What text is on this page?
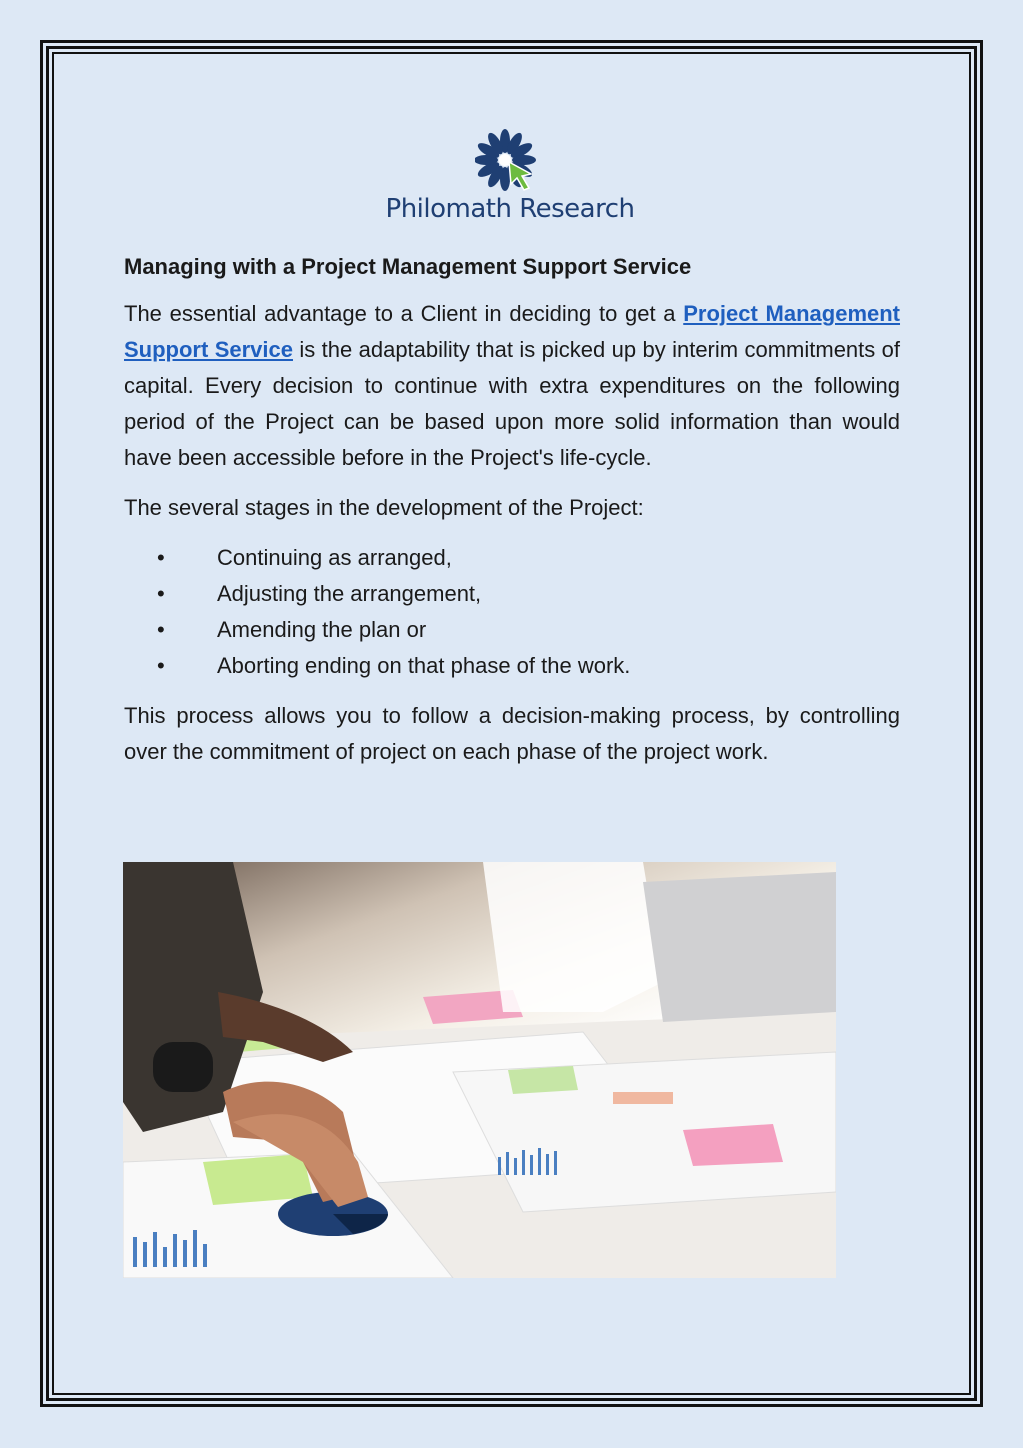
Philomath Research
Managing with a Project Management Support Service

The essential advantage to a Client in deciding to get a Project Management Support Service is the adaptability that is picked up by interim commitments of capital. Every decision to continue with extra expenditures on the following period of the Project can be based upon more solid information than would have been accessible before in the Project's life-cycle.

The several stages in the development of the Project:

• Continuing as arranged,
• Adjusting the arrangement,
• Amending the plan or
• Aborting ending on that phase of the work.

This process allows you to follow a decision-making process, by controlling over the commitment of project on each phase of the project work.
